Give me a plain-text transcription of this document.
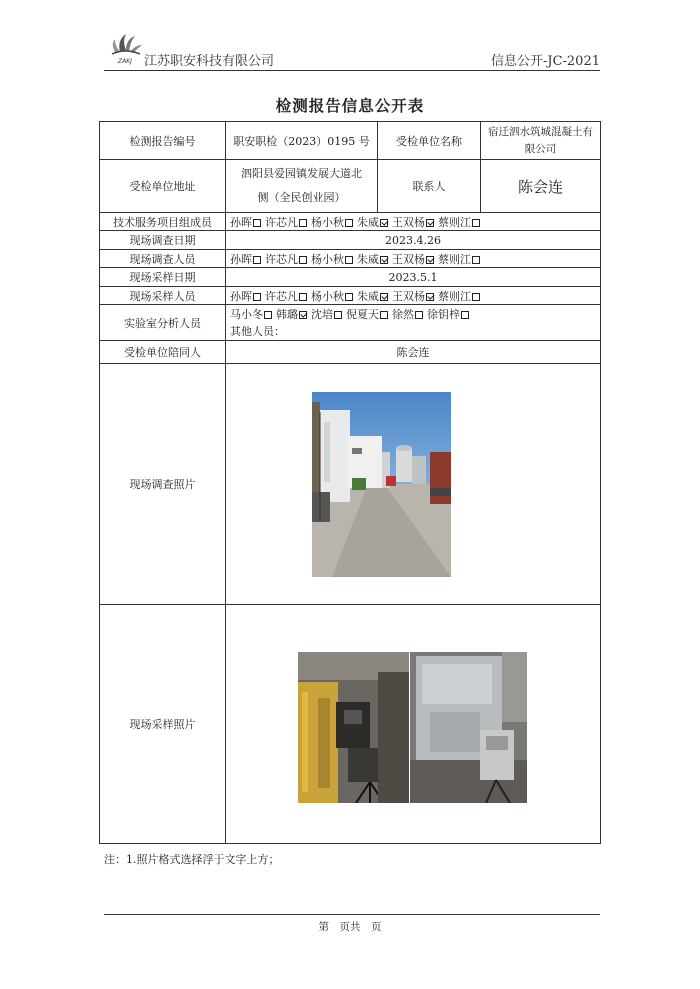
ZAKJ 江苏职安科技有限公司	信息公开-JC-2021
检测报告信息公开表
检测报告编号	职安职检（2023）0195 号	受检单位名称	宿迁泗水筑城混凝土有限公司
受检单位地址	泗阳县爱园镇发展大道北侧（全民创业园）	联系人	陈会连
技术服务项目组成员	孙晖 许芯凡 杨小秋 朱威 王双杨 蔡则江		
现场调查日期	2023.4.26		
现场调查人员	孙晖 许芯凡 杨小秋 朱威 王双杨 蔡则江		
现场采样日期	2023.5.1		
现场采样人员	孙晖 许芯凡 杨小秋 朱威 王双杨 蔡则江		
实验室分析人员	马小冬 韩璐 沈培 倪夏天 徐然 徐钥梓
其他人员：		

受检单位陪同人	陈会连		
现场调查照片	

现场采样照片	
注：1.照片格式选择浮于文字上方；
第　页共　页
